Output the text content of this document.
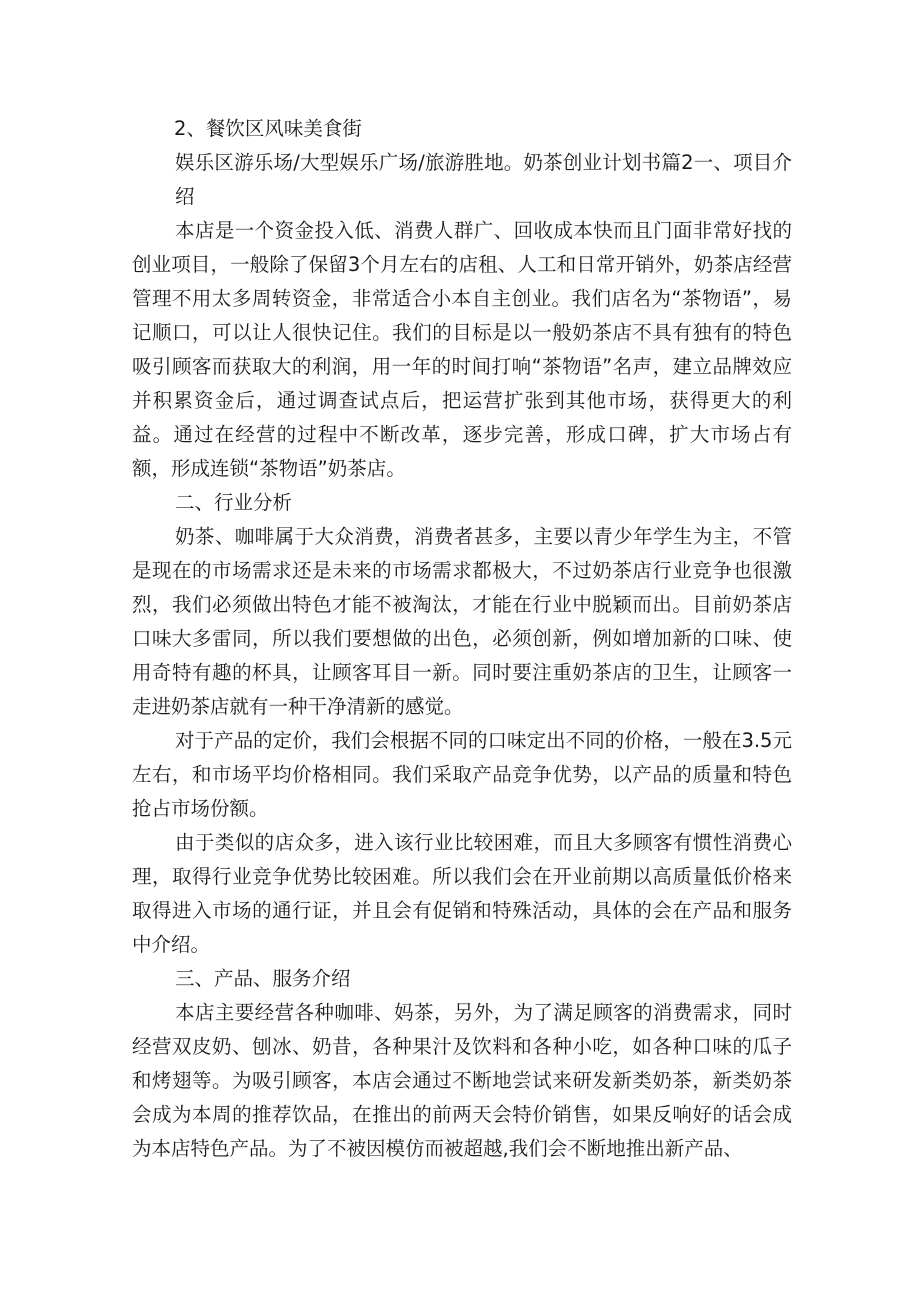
2、餐饮区风味美食街

娱乐区游乐场/大型娱乐广场/旅游胜地。奶茶创业计划书篇2一、项目介绍

本店是一个资金投入低、消费人群广、回收成本快而且门面非常好找的创业项目，一般除了保留3个月左右的店租、人工和日常开销外，奶茶店经营管理不用太多周转资金，非常适合小本自主创业。我们店名为“茶物语”，易记顺口，可以让人很快记住。我们的目标是以一般奶茶店不具有独有的特色吸引顾客而获取大的利润，用一年的时间打响“茶物语”名声，建立品牌效应并积累资金后，通过调查试点后，把运营扩张到其他市场，获得更大的利益。通过在经营的过程中不断改革，逐步完善，形成口碑，扩大市场占有额，形成连锁“茶物语”奶茶店。

二、行业分析

奶茶、咖啡属于大众消费，消费者甚多，主要以青少年学生为主，不管是现在的市场需求还是未来的市场需求都极大，不过奶茶店行业竞争也很激烈，我们必须做出特色才能不被淘汰，才能在行业中脱颖而出。目前奶茶店口味大多雷同，所以我们要想做的出色，必须创新，例如增加新的口味、使用奇特有趣的杯具，让顾客耳目一新。同时要注重奶茶店的卫生，让顾客一走进奶茶店就有一种干净清新的感觉。

对于产品的定价，我们会根据不同的口味定出不同的价格，一般在3.5元左右，和市场平均价格相同。我们采取产品竞争优势，以产品的质量和特色抢占市场份额。

由于类似的店众多，进入该行业比较困难，而且大多顾客有惯性消费心理，取得行业竞争优势比较困难。所以我们会在开业前期以高质量低价格来取得进入市场的通行证，并且会有促销和特殊活动，具体的会在产品和服务中介绍。

三、产品、服务介绍

本店主要经营各种咖啡、妈茶，另外，为了满足顾客的消费需求，同时经营双皮奶、刨冰、奶昔，各种果汁及饮料和各种小吃，如各种口味的瓜子和烤翅等。为吸引顾客，本店会通过不断地尝试来研发新类奶茶，新类奶茶会成为本周的推荐饮品，在推出的前两天会特价销售，如果反响好的话会成为本店特色产品。为了不被因模仿而被超越,我们会不断地推出新产品、
